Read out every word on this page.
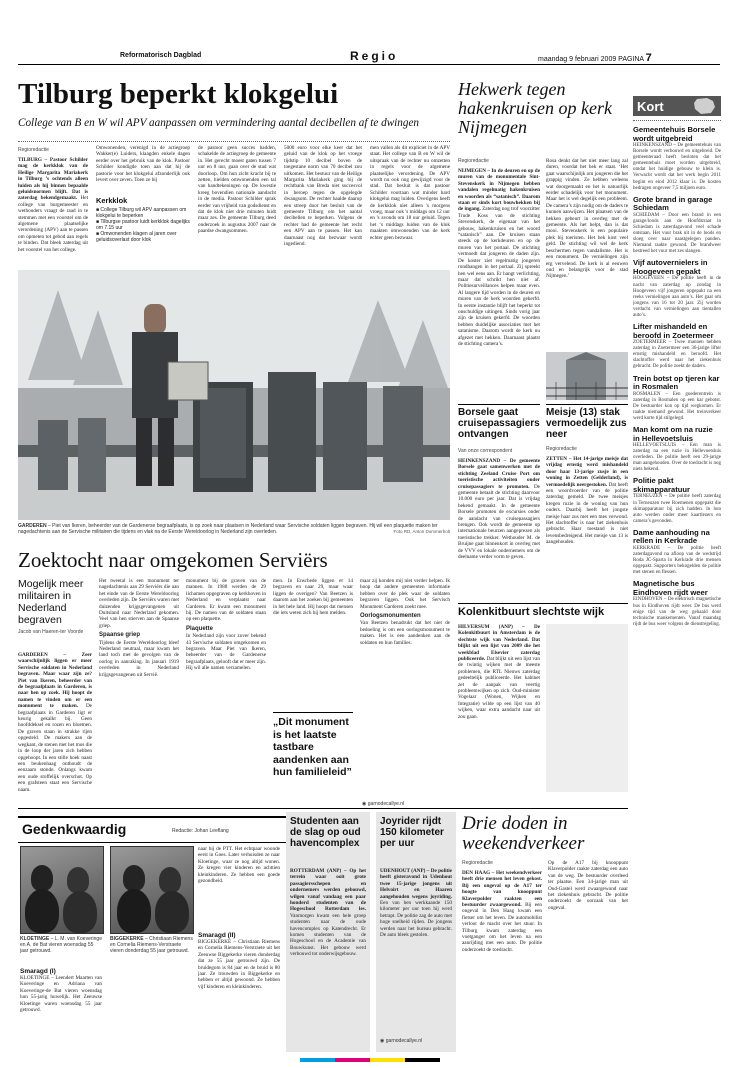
Reformatorisch Dagblad	Regio	maandag 9 februari 2009 PAGINA 7
Tilburg beperkt klokgelui
College van B en W wil APV aanpassen om vermindering aantal decibellen af te dwingen
Regioredactie
TILBURG – Pastoor Schilder mag de kerkklok van de Heilige Margarita Mariakerk in Tilburg ’s ochtends alleen luiden als hij binnen bepaalde geluidsnormen blijft. Dat is zaterdag bekendgemaakt. Het college van burgemeester en wethouders vraagt de raad in te stemmen met een voorstel om de algemene plaatselijke verordening (APV) aan te passen om opmeten tot gebod aan regels te binden. Dat bleek zaterdag uit het voorstel van het college.
Omwonenden, verenigd in de actiegroep Wakker(e) Luiders, klaagden enkele dagen eerder over het gebruik van de klok. Pastoor Schilder kondigde toen aan dat hij de pastorie voor het klokgelui afzonderlijk ook levert over zeven. Toen ze bij
Kerkklok
■ College Tilburg wil APV aanpassen om klokgelui te beperken
■ Tilburgse pastoor luidt kerkklok dagelijks om 7.15 uur
■ Omwonenden klagen al jaren over geluidsoverlast door klok
de pastoor geen succes hadden, schakelde de actiegroep de gemeente in. Het gerecht moest gaten tussen 7 uur en 8 uur, gaan over de stad wat doorloop. Om hun zicht kracht bij te zetten, hielden omwonenden een tal van handtekeningen op. De kwestie kreeg bovendien nationale aandacht in de media. Pastoor Schilder sprak eerder van vrijheid van godsdienst en dat de klok niet drie minuten luidt maar zes. De gemeente Tilburg deed onderzoek in augustus 2007 naar de paardse dwangsommen.
5000 euro voor elke keer dat het geluid van de klok op het vroege tijdstip 10 decibel boven de toegestane norm van 70 decibel zou uitkomen. Het bestuur van de Heilige Margarita Mariakerk ging bij de rechtbank van Breda niet succesvol in beroep tegen de opgelegde dwangsom. De rechter haalde daarop een streep door het besluit van de gemeente Tilburg om het aantal decibellen te beperken. Volgens de rechter had de gemeente het recht een APV aan te passen. Het kan daarnaast nog dat bezwaar wordt ingediend.
men vallen als dit expliciet in de APV staat. Het college van B en W wil de uitspraak van de rechter nu omzetten in regels voor de algemene plaatselijke verordening. De APV wordt nu ook nog gewijzigd voor de stad. Dat besluit is dat pastoor Schilder voortaan wat minder hard klokgelui mag luiden. Overigens heeft de kerkklok niet alleen 's morgens vroeg, maar ook 's middags om 12 uur en 's avonds om 18 uur geluid. Tegen het ‘s middags luiden van de klok maakten omwonenden van de kerk echter geen bezwaar.
GARDEREN – Piet van Ikeren, beheerder van de Gardenerse begraafplaats, is op zoek naar plaatsen in Nederland waar Servische soldaten liggen begraven. Hij wil een plaquette maken ter nagedachtenis aan de Servische militairen die tijdens en vlak na de Eerste Wereldoorlog in Nederland zijn overleden.	Foto RD, Anton Dommerholt
Hekwerk tegen hakenkruisen op kerk Nijmegen
Regioredactie
NIJMEGEN – In de deuren en op de muren van de monumentale Sint-Stevenskerk in Nijmegen hebben vandalen regelmatig hakenkruisen en woorden als “satanisch”. Daarom staan er sinds kort bouwhekken bij de ingang. Zaterdag nog trof voorzitter Trude Koss van de stichting Stevenskerk, de eigenaar van het gebouw, hakenkruisen en het woord “satanisch” aan. De kruisen staan steeds op de kerkdeuren en op de muren van het portaal. De stichting vermoedt dat jongeren de daden zijn. De koster ziet regelmatig jongeren rondhangen in het portaal. Zij spreekt hen wel eens aan. Er hangt verlichting, maar dat schrikt hen niet af. Politiesurveillances helpen maar even. Al langere tijd worden in de deuren en muren van de kerk woorden gekerfd. In eerste instantie blijft het beperkt tot onschuldige uitingen. Sinds vorig jaar zijn de kruisen gekerfd. De woorden hebben duidelijke associaties met het satanisme. Daarom wordt de kerk nu afgezet met hekken. Daarnaast plaatst de stichting camera’s.
Rosa denkt dat het niet meer lang zal duren, voordat het hek er staat. ‘Het gaat waarschijnlijk om jongeren die het grappig vinden. Ze hebben weleens wat doorgemaakt en het is natuurlijk eerder schadelijk voor het monument. Maar het is wel degelijk een probleem. De camera’s zijn nodig om de daders te kunnen aanwijzen. Het plaatsen van de hekken gebeurt in overleg met de gemeente. Als het helpt, dan is dat mooi. Stevenskerk is een populaire plek bij toeristen. Het hek kost veel geld. De stichting wil wel de kerk beschermen tegen vandalisme. Het is een monument. De vernielingen zijn erg vervelend. De kerk is al eeuwen oud en belangrijk voor de stad Nijmegen.’
Kort
Gemeentehuis Borsele wordt uitgebreid
HEINKENSZAND – De gemeentehuis van Borsele wordt verbouwd en uitgebreid. De gemeenteraad heeft besloten dat het gemeentehuis moet worden uitgebreid, omdat het huidige gebouw te klein is. Verwacht wordt dat het werk begin 2011 begint en eind 2012 klaar is. De kosten bedragen ongeveer 7,5 miljoen euro.
Grote brand in garage Schiedam
SCHIEDAM – Door een brand in een garage/loods aan de Hoofdstraat in Schiedam is zaterdagavond veel schade ontstaan. Het vuur brak uit in de loods en sloeg over naar naastgelegen panden. Niemand raakte gewond. De brandweer bestreed het vuur met zes slangen.
Vijf autovernielers in Hoogeveen gepakt
HOOGEVEEN – De politie heeft in de nacht van zaterdag op zondag in Hoogeveen vijf jongeren opgepakt na een reeks vernielingen aan auto’s. Het gaat om jongens van 16 tot 20 jaar. Zij worden verdacht van vernielingen aan tientallen auto’s.
Lifter mishandeld en beroofd in Zoetermeer
ZOETERMEER – Twee mannen hebben zaterdag in Zoetermeer een 36-jarige lifter ernstig mishandeld en beroofd. Het slachtoffer werd naar het ziekenhuis gebracht. De politie zoekt de daders.
Trein botst op tjeren kar in Rosmalen
ROSMALEN – Een goederentrein is zaterdag in Rosmalen op een kar gebotst. De bestuurder kon op tijd wegkomen. Er raakte niemand gewond. Het treinverkeer werd korte tijd stilgelegd.
Man komt om na ruzie in Hellevoetsluis
HELLEVOETSLUIS – Een man is zaterdag na een ruzie in Hellevoetsluis overleden. De politie heeft een 29-jarige man aangehouden. Over de toedracht is nog niets bekend.
Politie pakt skimapparatuur
TERNEUZEN – De politie heeft zaterdag in Terneuzen twee Roemenen opgepakt die skimapparatuur bij zich hadden. In hun auto werden onder meer kaartlezers en camera’s gevonden.
Dame aanhouding na rellen in Kerkrade
KERKRADE – De politie heeft zaterdagavond na afloop van de wedstrijd Roda JC-Sparta in Kerkrade drie mensen opgepakt. Supporters bekogelden de politie met stenen en flessen.
Magnetische bus Eindhoven rijdt weer
EINDHOVEN – De elektrisch magnetische bus in Eindhoven rijdt weer. De bus werd enige tijd van de weg gehaald door technische mankementen. Vanaf maandag rijdt de bus weer volgens de dienstregeling.
Borsele gaat cruisepassagiers ontvangen
Van onze correspondent
HEINKENSZAND – De gemeente Borsele gaat samenwerken met de stichting Zeeland Cruise Port om toeristische activiteiten onder cruisepassagiers te promoten. De gemeente betaalt de stichting daarvoor 10.000 euro per jaar. Dat is vrijdag bekend gemaakt. In de gemeente Borsele promoten de excursies onder de aandacht van cruisepassagiers brengen. Ook wordt de gemeente op internationale beurzen aangeprezen als toeristische trekker. Wethouder M. de Bruijne gaat binnenkort in overleg met de VVV en lokale ondernemers om de deelname verder vorm te geven.
Meisje (13) stak vermoedelijk zus neer
Regioredactie
ZETTEN – Het 14-jarige meisje dat vrijdag ernstig werd mishandeld door haar 13-jarige zusje in een woning in Zetten (Gelderland), is vermoedelijk neergestoken. Dat heeft een woordvoerder van de politie zaterdag gemeld. De twee meisjes kregen ruzie in de woning van hun ouders. Daarbij heeft het jongste meisje haar zus met een mes verwond. Het slachtoffer is naar het ziekenhuis gebracht. Haar toestand is niet levensbedreigend. Het meisje van 13 is aangehouden.
Kolenkitbuurt slechtste wijk
HILVERSUM (ANP) – De Kolenkitbuurt in Amsterdam is de slechtste wijk van Nederland. Dat blijkt uit een lijst van 2009 die het weekblad Elsevier zaterdag publiceerde. Dat blijkt uit een lijst van de twintig wijken met de meeste problemen, die RTL Nieuws zaterdag gedeeltelijk publiceerde. Het kabinet zet de aanpak van veertig probleemwijken op zich. Oud-minister Vogelaar (Wonen, Wijken en Integratie) wilde op een lijst van 40 wijken, waar extra aandacht naar uit zou gaan.
Zoektocht naar omgekomen Serviërs
Mogelijk meer militairen in Nederland begraven
Jacob van Haeren-ter Voorde
GARDEREN – Zeer waarschijnlijk liggen er meer Servische soldaten in Nederland begraven. Maar waar zijn ze? Piet van Ikeren, beheerder van de begraafplaats in Garderen, is naar hen op zoek. Hij hoopt de namen te vinden om er een monument te maken. De begraafplaats in Garderen ligt er keurig gekalkt bij. Geen hoofddeksel en rozen en bloemen. De graven staan in strakke rijen opgesteld. De makers aan de wegkant, de stenen met het mos die in de loop der jaren zich hebben opgehoopt. In een stille hoek naast een beukenhaag onthoudt de eenzaam stonde. Onlangs kwam een oude stoffelijk overschot. Op een grafsteen staat een Servische naam.
Het tweetal is een monument ter nagedachtenis aan 29 Serviërs die aan het einde van de Eerste Wereldoorlog overleden zijn. De Serviërs waren met duizenden krijgsgevangenen uit Duitsland naar Nederland gekomen. Veel van hen stierven aan de Spaanse griep.
Spaanse griep
Tijdens de Eerste Wereldoorlog bleef Nederland neutraal, maar kwam het land toch met de gevolgen van de oorlog in aanraking. In januari 1919 overleden in Nederland krijgsgevangenen uit Servië.
monument bij de graven van de mannen. In 1988 werden de 29 lichamen opgegraven op kerkhoven in Nederland en verplaatst naar Garderen. Er kwam een monument bij. De namen van de soldaten staan op een plaquette.
Plaquette
In Nederland zijn voor zover bekend 43 Servische soldaten omgekomen en begraven. Maar Piet van Ikeren, beheerder van de Gardenerse begraafplaats, gelooft dat er meer zijn. Hij wil alle namen verzamelen.
men. In Enschede liggen er 14 begraven en naar 29, maar waar liggen de overigen? Van Beetzen is daarom aan het zoeken bij gemeenten in het hele land. Hij hoopt dat mensen die iets weten zich bij hem melden.
„Dit monument is het laatste tastbare aandenken aan hun familieleid”
maar zij konden mij niet verder helpen. Ik hoop dat andere gemeenten informatie hebben over de plek waar de soldaten begraven liggen. Ook het Servisch Monument Garderen zoekt mee.
Oorlogsmonumenten
Van Beetzen benadrukt dat het niet de bedoeling is om een oorlogsmonument te maken. Het is een aandenken aan de soldaten en hun families.
◉ garnodecallye.nl
Gedenkwaardig	Redactie: Johan Leeflang
KLOETINGE – L. M. van Koeveringe en A. de Bat vieren woensdag 55 jaar getrouwd.
BIGGEKERKE – Christiaan Riemens en Cornelia Riemens-Verstraete vieren donderdag 55 jaar getrouwd.
Smaragd (I)
KLOETINGE – Leendert Maarten van Koeveringe en Adriana van Koeveringe-de Bat vieren woensdag hun 55-jarig huwelijk. Het Zeeuwse Kloetinge waren woensdag 55 jaar getrouwd.
naar bij de PTT. Het echtpaar woonde eerst in Goes. Later verhuisden ze naar Kloetinge, waar ze nog altijd wonen. Ze kregen vier kinderen en achttien kleinkinderen. Ze hebben een goede gezondheid.
Smaragd (II)
BIGGEKERKE – Christiaan Riemens en Cornelia Riemens-Verstraete uit het Zeeuwse Biggekerke vieren donderdag dat ze 55 jaar getrouwd zijn. De bruidegom is 84 jaar en de bruid is 80 jaar. Ze trouwden in Biggekerke en hebben er altijd gewoond. Ze hebben vijf kinderen en kleinkinderen.
Studenten aan de slag op oud havencomplex
ROTTERDAM (ANP) – Op het terrein waar ooit grote passagiersschepen en ondernemers werden gebouwd, wilgen vanaf vandaag een paar honderd studenten van de Hogeschool Rotterdam les. Vanmorgen kwam een hele groep studenten naar de oude havencomplex op Katendrecht. Er komen studenten van de Hogeschool en de Academie van Bouwkunst. Het gebouw werd verbouwd tot onderwijsgebouw.
Joyrider rijdt 150 kilometer per uur
UDENHOUT (ANP) – De politie heeft gisteravond in Udenhout twee 15-jarige jongens uit Helvoirt en Haaren aangehouden wegens joyriding. Een van hen werkkaande 150 kilometer per uur toen hij werd betrapt. De politie zag de auto met hoge snelheid rijden. De jongens werden naar het bureau gebracht. De auto bleek gestolen.
◉ garnodecallye.nl
Drie doden in weekendverkeer
Regioredactie
DEN HAAG – Het weekendverkeer heeft drie mensen het leven gekost. Bij een ongeval op de A17 ter hoogte van knooppunt Klaverpolder raakten een bestuurder zwaargewond. Bij een ongeval in Den Haag kwam een fietser om het leven. De automobilist verloor de macht over het stuur. In Tilburg kwam zaterdag een voetganger om het leven na een aanrijding met een auto. De politie onderzoekt de toedracht.
Op de A17 bij knooppunt Klaverpolder raakte zaterdag een auto van de weg. De bestuurder overleed ter plaatse. Een 34-jarige man uit Oud-Gastel werd zwaargewond naar het ziekenhuis gebracht. De politie onderzoekt de oorzaak van het ongeval.
